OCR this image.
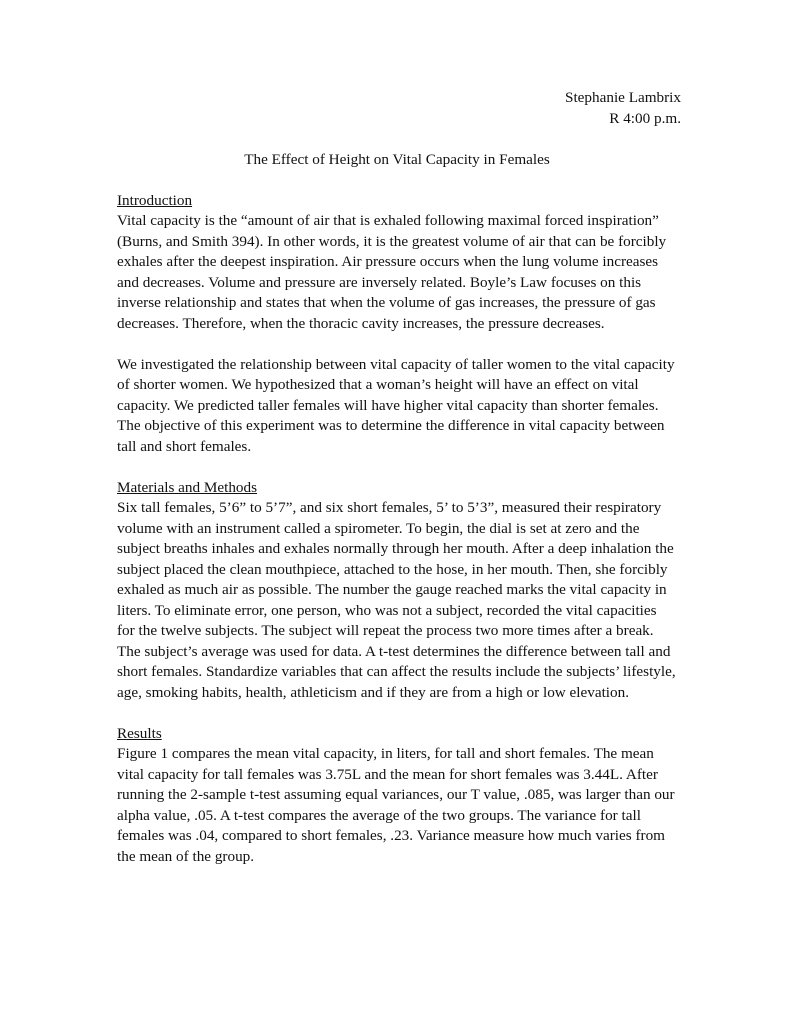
Stephanie Lambrix
R 4:00 p.m.
The Effect of Height on Vital Capacity in Females
Introduction

Vital capacity is the “amount of air that is exhaled following maximal forced inspiration” (Burns, and Smith 394). In other words, it is the greatest volume of air that can be forcibly exhales after the deepest inspiration. Air pressure occurs when the lung volume increases and decreases. Volume and pressure are inversely related. Boyle’s Law focuses on this inverse relationship and states that when the volume of gas increases, the pressure of gas decreases. Therefore, when the thoracic cavity increases, the pressure decreases.

We investigated the relationship between vital capacity of taller women to the vital capacity of shorter women. We hypothesized that a woman’s height will have an effect on vital capacity. We predicted taller females will have higher vital capacity than shorter females. The objective of this experiment was to determine the difference in vital capacity between tall and short females.

Materials and Methods

Six tall females, 5’6” to 5’7”, and six short females, 5’ to 5’3”, measured their respiratory volume with an instrument called a spirometer. To begin, the dial is set at zero and the subject breaths inhales and exhales normally through her mouth. After a deep inhalation the subject placed the clean mouthpiece, attached to the hose, in her mouth. Then, she forcibly exhaled as much air as possible. The number the gauge reached marks the vital capacity in liters. To eliminate error, one person, who was not a subject, recorded the vital capacities for the twelve subjects. The subject will repeat the process two more times after a break. The subject’s average was used for data. A t-test determines the difference between tall and short females. Standardize variables that can affect the results include the subjects’ lifestyle, age, smoking habits, health, athleticism and if they are from a high or low elevation.

Results

Figure 1 compares the mean vital capacity, in liters, for tall and short females. The mean vital capacity for tall females was 3.75L and the mean for short females was 3.44L. After running the 2-sample t-test assuming equal variances, our T value, .085, was larger than our alpha value, .05. A t-test compares the average of the two groups. The variance for tall females was .04, compared to short females, .23. Variance measure how much varies from the mean of the group.
